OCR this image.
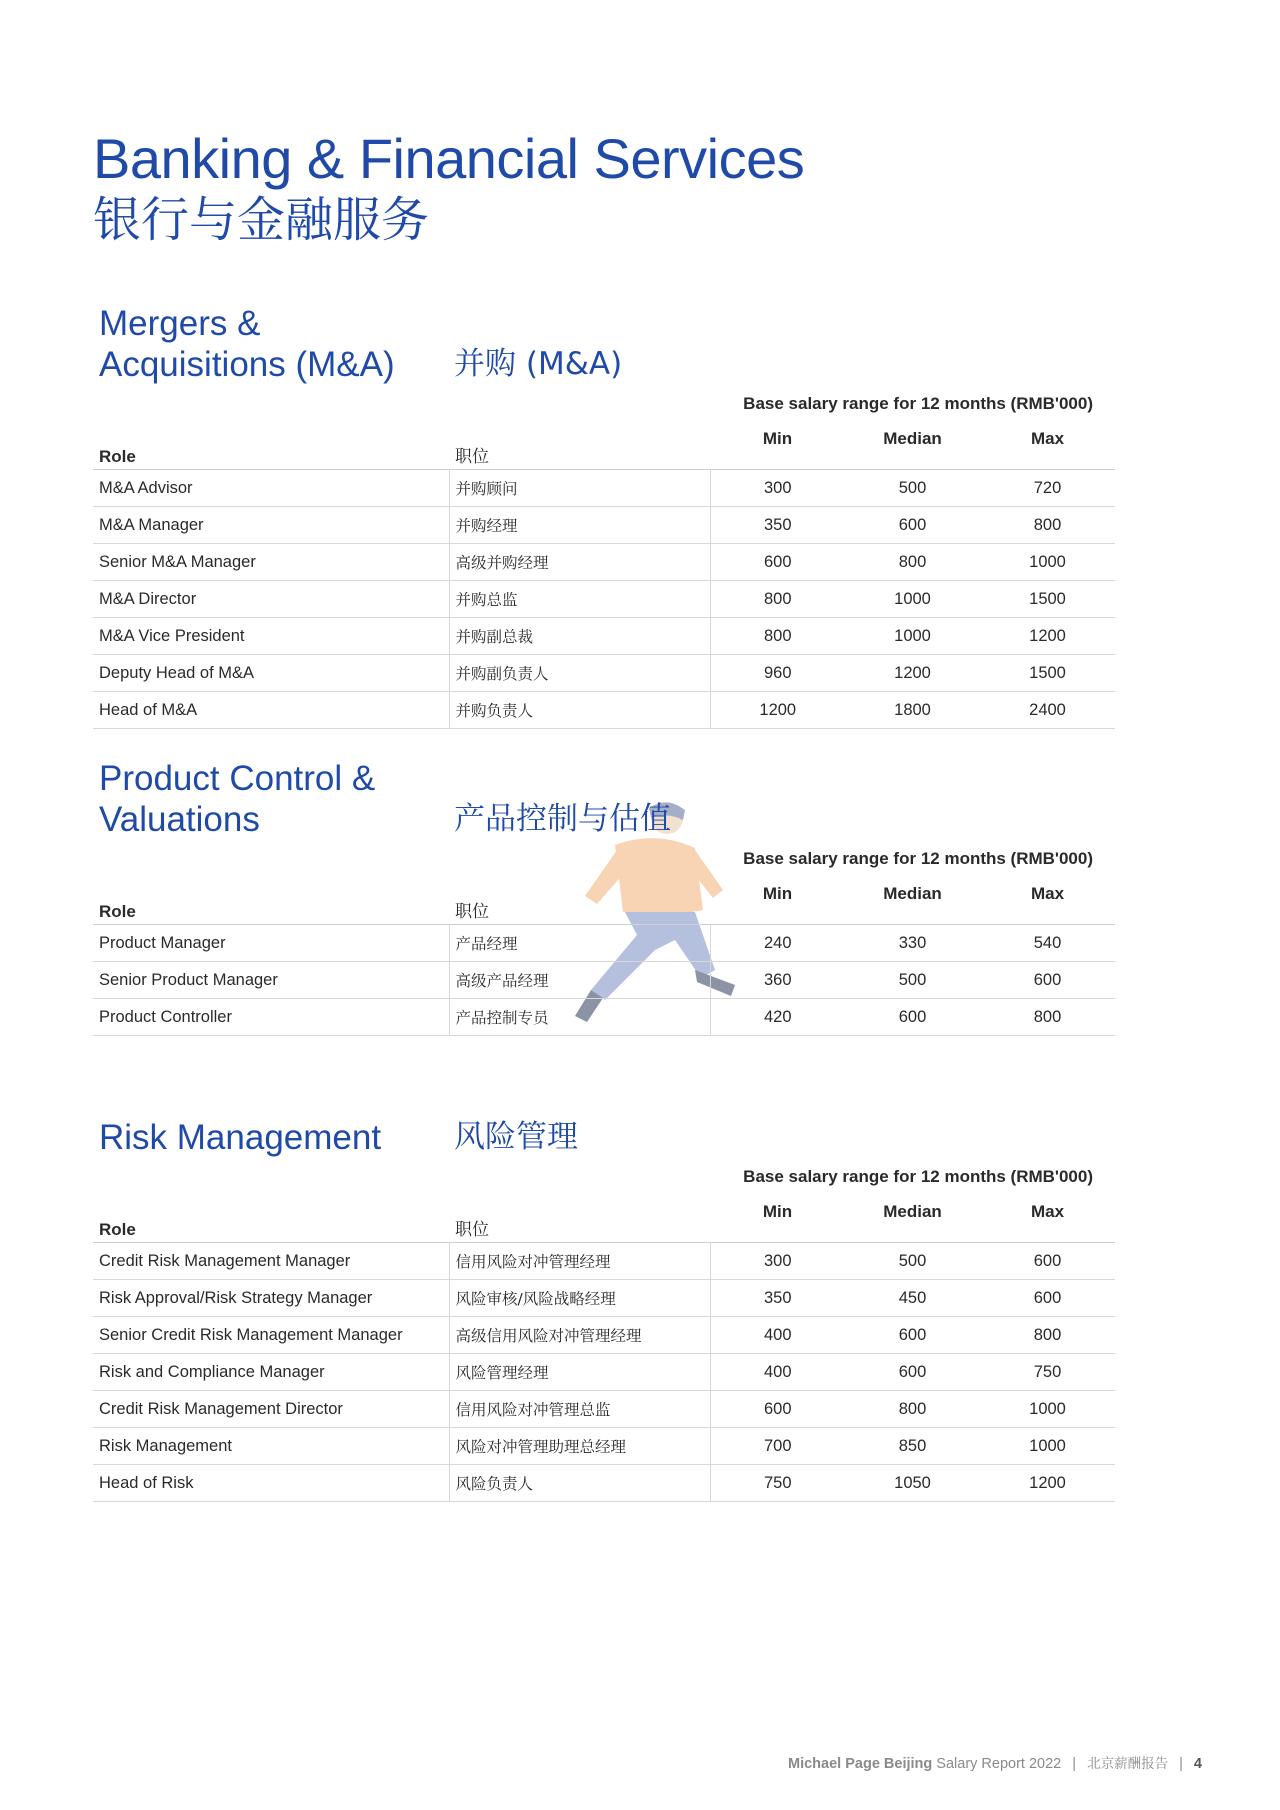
Banking & Financial Services
银行与金融服务
Mergers &
Acquisitions (M&A) 并购 (M&A)
Base salary range for 12 months (RMB'000)
Role	职位	Min	Median	Max
M&A Advisor	并购顾问	300	500	720
M&A Manager	并购经理	350	600	800
Senior M&A Manager	高级并购经理	600	800	1000
M&A Director	并购总监	800	1000	1500
M&A Vice President	并购副总裁	800	1000	1200
Deputy Head of M&A	并购副负责人	960	1200	1500
Head of M&A	并购负责人	1200	1800	2400
Product Control &
Valuations	产品控制与估值
Base salary range for 12 months (RMB'000)
Role	职位	Min	Median	Max
Product Manager	产品经理	240	330	540
Senior Product Manager	高级产品经理	360	500	600
Product Controller	产品控制专员	420	600	800
Risk Management 风险管理
Base salary range for 12 months (RMB'000)
Role	职位	Min	Median	Max
Credit Risk Management Manager	信用风险对冲管理经理	300	500	600
Risk Approval/Risk Strategy Manager	风险审核/风险战略经理	350	450	600
Senior Credit Risk Management Manager	高级信用风险对冲管理经理	400	600	800
Risk and Compliance Manager	风险管理经理	400	600	750
Credit Risk Management Director	信用风险对冲管理总监	600	800	1000
Risk Management	风险对冲管理助理总经理	700	850	1000
Head of Risk	风险负责人	750	1050	1200
Michael Page Beijing Salary Report 2022 | 北京薪酬报告 | 4
